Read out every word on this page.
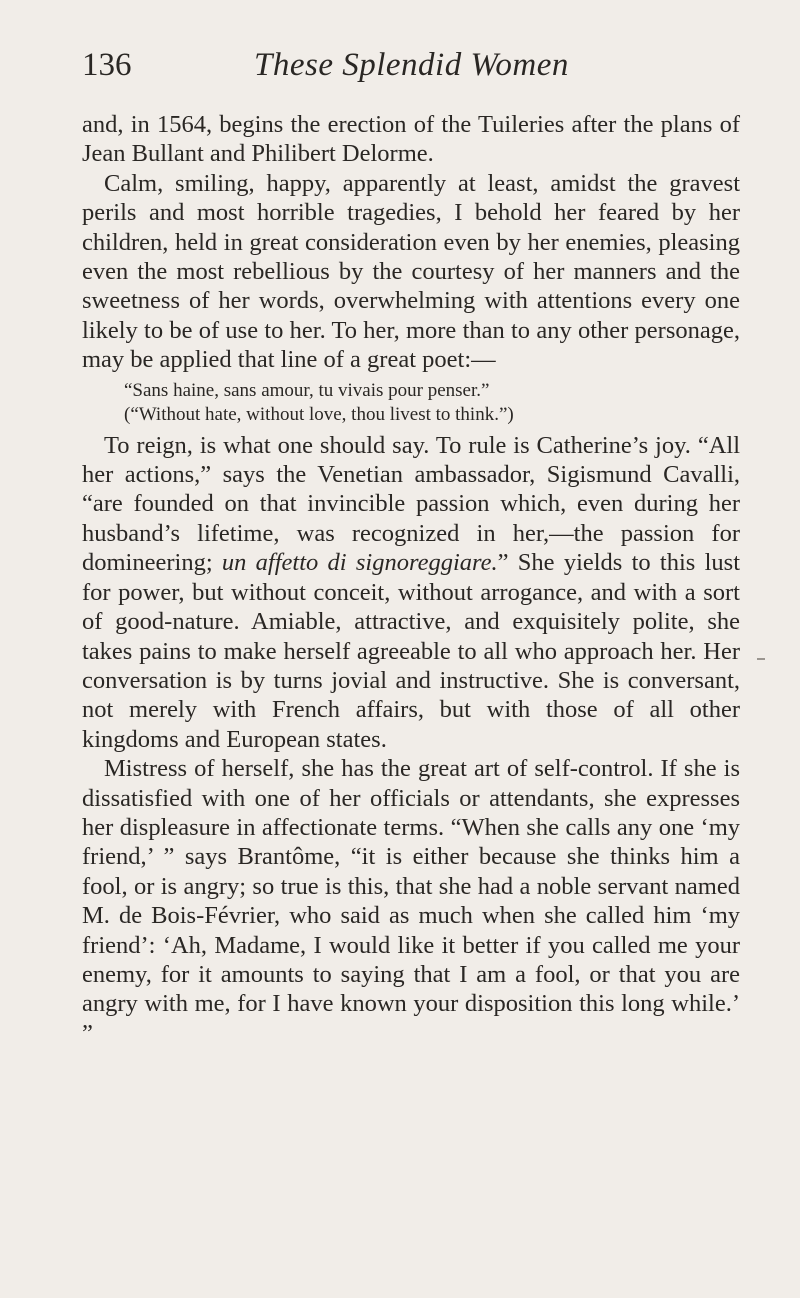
136	These Splendid Women

and, in 1564, begins the erection of the Tuileries after the plans of Jean Bullant and Philibert Delorme.

Calm, smiling, happy, apparently at least, amidst the gravest perils and most horrible tragedies, I behold her feared by her children, held in great consideration even by her enemies, pleasing even the most rebellious by the courtesy of her manners and the sweetness of her words, overwhelming with attentions every one likely to be of use to her. To her, more than to any other personage, may be applied that line of a great poet:—

“Sans haine, sans amour, tu vivais pour penser.”
(“Without hate, without love, thou livest to think.”)

To reign, is what one should say. To rule is Catherine’s joy. “All her actions,” says the Venetian ambassador, Sigismund Cavalli, “are founded on that invincible passion which, even during her husband’s lifetime, was recognized in her,—the passion for domineering; un affetto di signoreggiare.” She yields to this lust for power, but without conceit, without arrogance, and with a sort of good-nature. Amiable, attractive, and exquisitely polite, she takes pains to make herself agreeable to all who approach her. Her conversation is by turns jovial and instructive. She is conversant, not merely with French affairs, but with those of all other kingdoms and European states.

Mistress of herself, she has the great art of self-control. If she is dissatisfied with one of her officials or attendants, she expresses her displeasure in affectionate terms. “When she calls any one ‘my friend,’ ” says Brantôme, “it is either because she thinks him a fool, or is angry; so true is this, that she had a noble servant named M. de Bois-Février, who said as much when she called him ‘my friend’: ‘Ah, Madame, I would like it better if you called me your enemy, for it amounts to saying that I am a fool, or that you are angry with me, for I have known your disposition this long while.’ ”
